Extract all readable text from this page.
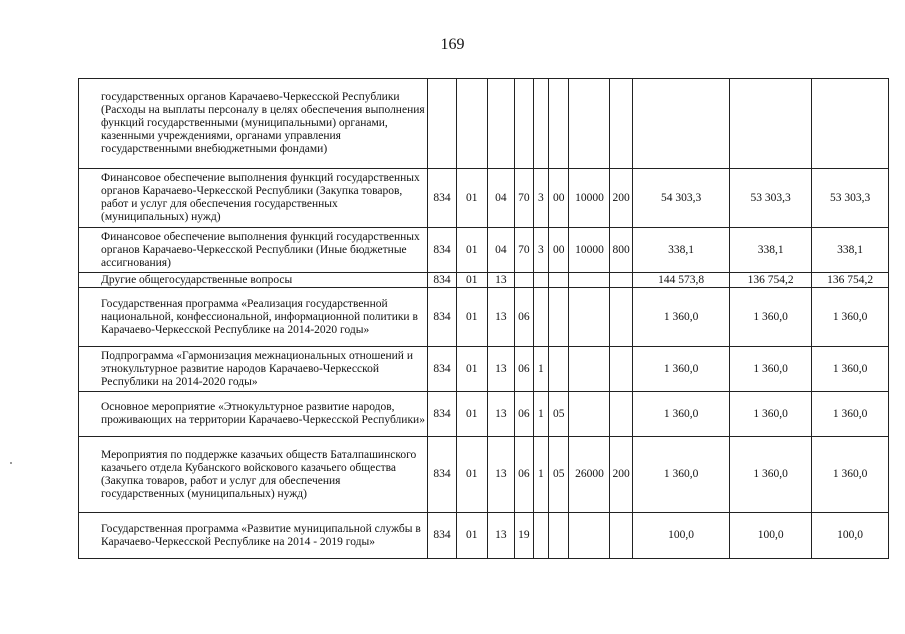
169
государственных органов Карачаево-Черкесской Республики (Расходы на выплаты персоналу в целях обеспечения выполнения функций государственными (муниципальными) органами, казенными учреждениями, органами управления государственными внебюджетными фондами)											
Финансовое обеспечение выполнения функций государственных органов Карачаево-Черкесской Республики (Закупка товаров, работ и услуг для обеспечения государственных (муниципальных) нужд)	834	01	04	70	3	00	10000	200	54 303,3	53 303,3	53 303,3
Финансовое обеспечение выполнения функций государственных органов Карачаево-Черкесской Республики (Иные бюджетные ассигнования)	834	01	04	70	3	00	10000	800	338,1	338,1	338,1
Другие общегосударственные вопросы	834	01	13						144 573,8	136 754,2	136 754,2
Государственная программа «Реализация государственной национальной, конфессиональной, информационной политики в Карачаево-Черкесской Республике на 2014-2020 годы»	834	01	13	06					1 360,0	1 360,0	1 360,0
Подпрограмма «Гармонизация межнациональных отношений и этнокультурное развитие народов Карачаево-Черкесской Республики на 2014-2020 годы»	834	01	13	06	1				1 360,0	1 360,0	1 360,0
Основное мероприятие «Этнокультурное развитие народов, проживающих на территории Карачаево-Черкесской Республики»	834	01	13	06	1	05			1 360,0	1 360,0	1 360,0
Мероприятия по поддержке казачьих обществ Баталпашинского казачьего отдела Кубанского войскового казачьего общества (Закупка товаров, работ и услуг для обеспечения государственных (муниципальных) нужд)	834	01	13	06	1	05	26000	200	1 360,0	1 360,0	1 360,0
Государственная программа «Развитие муниципальной службы в Карачаево-Черкесской Республике на 2014 - 2019 годы»	834	01	13	19					100,0	100,0	100,0
